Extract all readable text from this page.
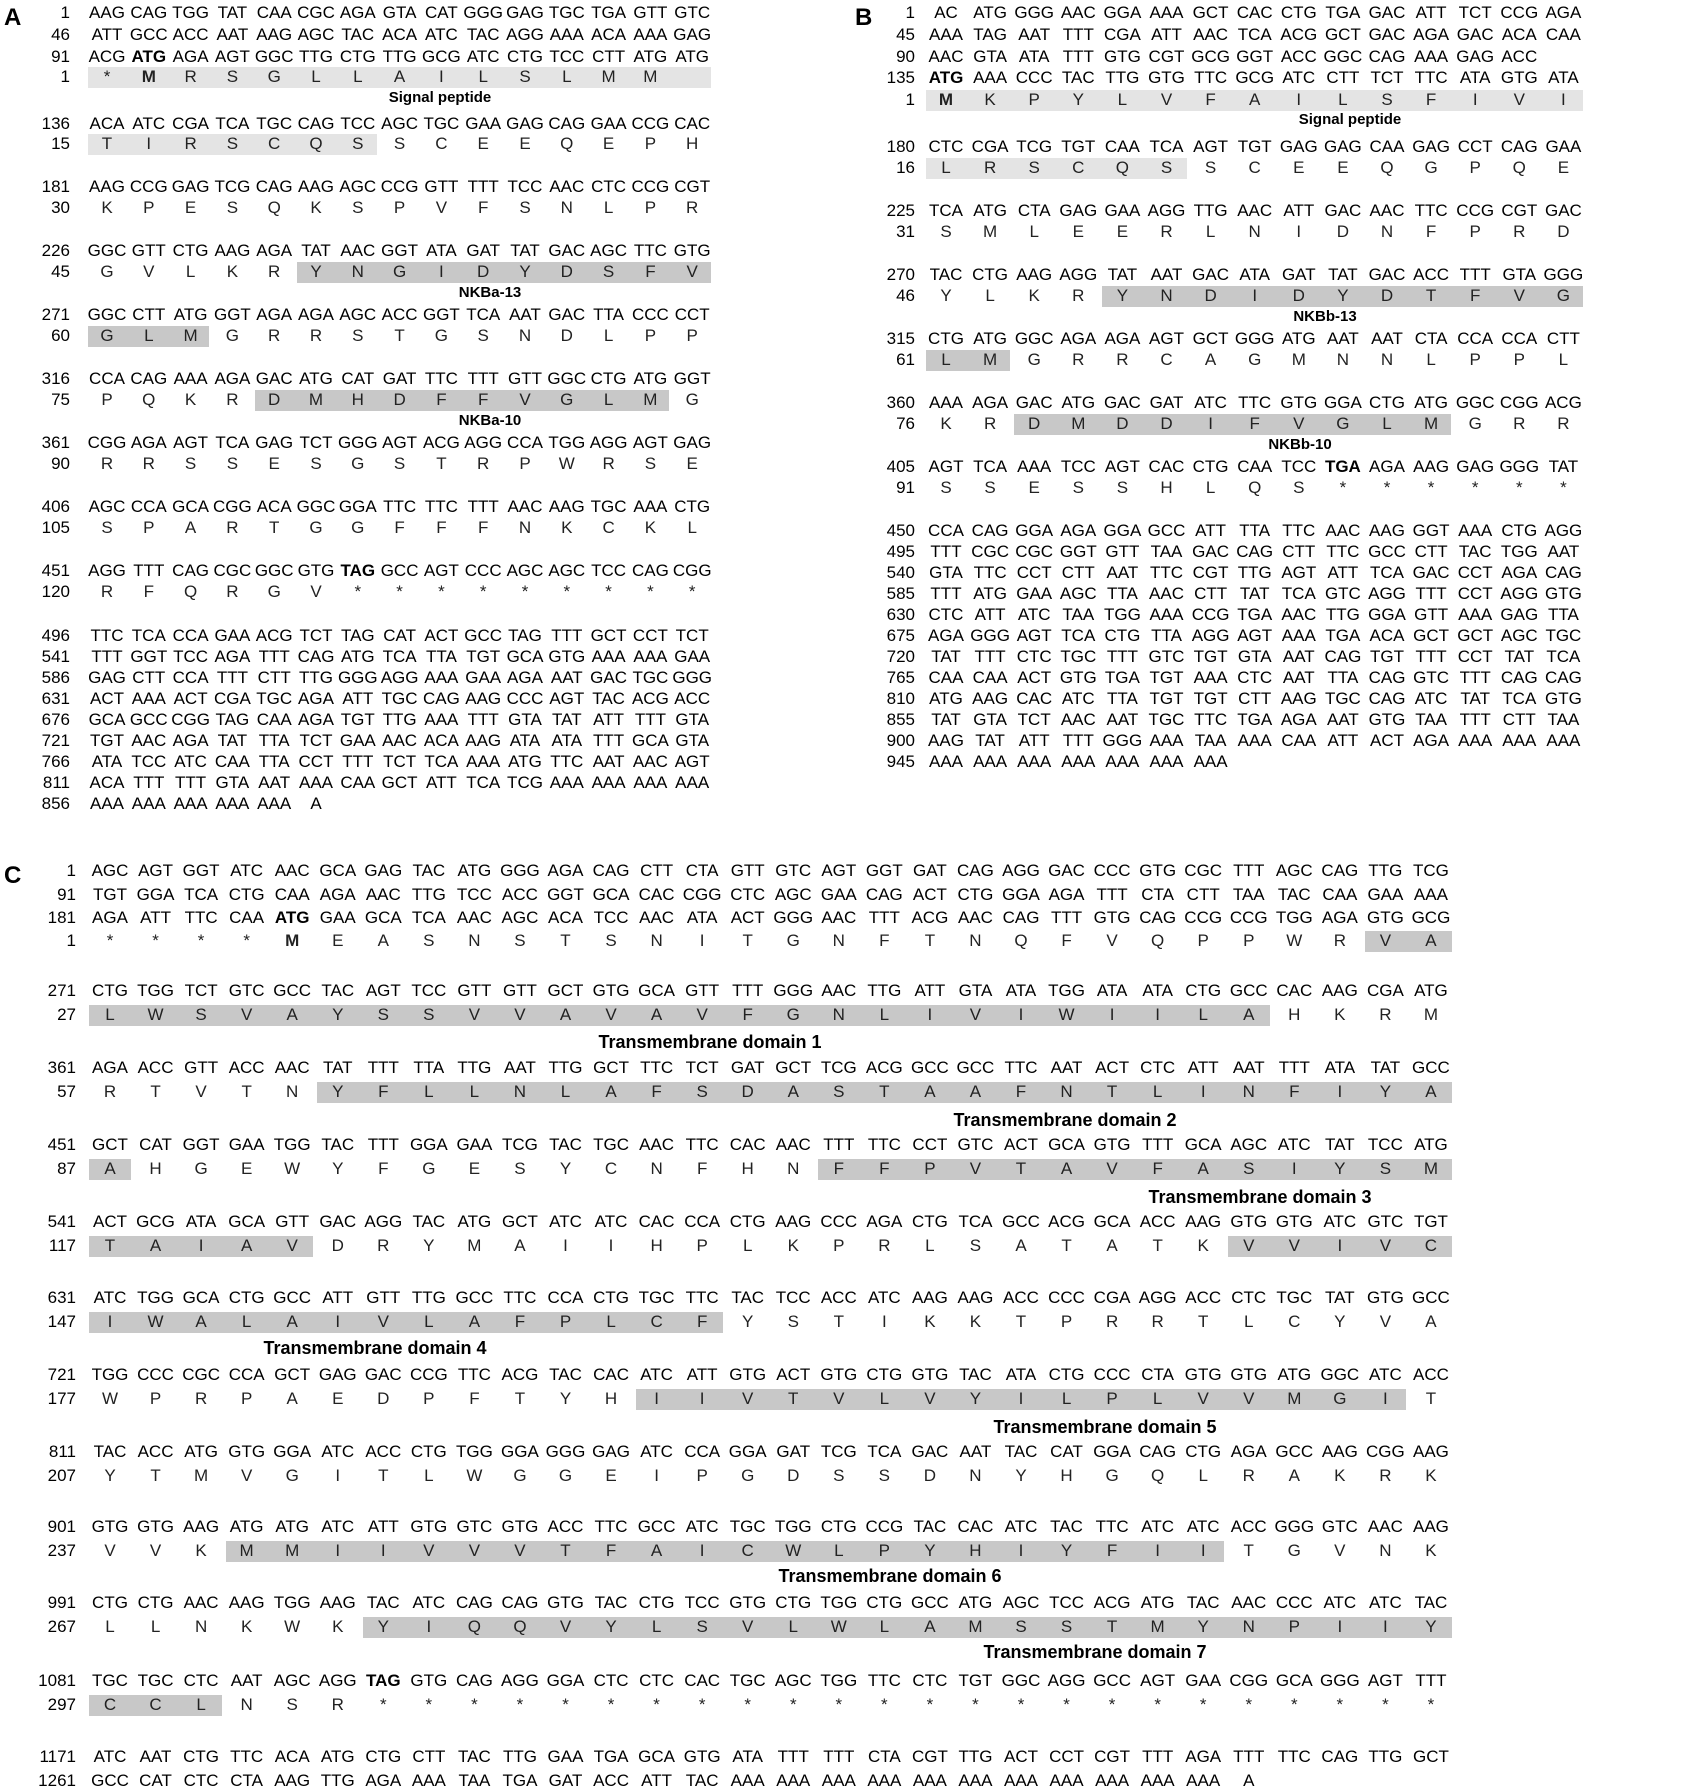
A 1 AAG CAG TGG TAT CAA CGC AGA GTA CAT GGG GAG TGC TGA GTT GTC
46 ATT GCC ACC AAT AAG AGC TAC ACA ATC TAC AGG AAA ACA AAA GAG
91 ACG ATG AGA AGT GGC TTG CTG TTG GCG ATC CTG TCC CTT ATG ATG
1 * M R S G L L A I L S L M M
136 ACA ATC CGA TCA TGC CAG TCC AGC TGC GAA GAG CAG GAA CCG CAC
15 T I R S C Q S S C E E Q E P H
181 AAG CCG GAG TCG CAG AAG AGC CCG GTT TTT TCC AAC CTC CCG CGT
30 K P E S Q K S P V F S N L P R
226 GGC GTT CTG AAG AGA TAT AAC GGT ATA GAT TAT GAC AGC TTC GTG
45 G V L K R Y N G I D Y D S F V
271 GGC CTT ATG GGT AGA AGA AGC ACC GGT TCA AAT GAC TTA CCC CCT
60 G L M G R R S T G S N D L P P
316 CCA CAG AAA AGA GAC ATG CAT GAT TTC TTT GTT GGC CTG ATG GGT
75 P Q K R D M H D F F V G L M G
361 CGG AGA AGT TCA GAG TCT GGG AGT ACG AGG CCA TGG AGG AGT GAG
90 R R S S E S G S T R P W R S E
406 AGC CCA GCA CGG ACA GGC GGA TTC TTC TTT AAC AAG TGC AAA CTG
105 S P A R T G G F F F N K C K L
451 AGG TTT CAG CGC GGC GTG TAG GCC AGT CCC AGC AGC TCC CAG CGG
120 R F Q R G V * * * * * * * * *
496 TTC TCA CCA GAA ACG TCT TAG CAT ACT GCC TAG TTT GCT CCT TCT
541 TTT GGT TCC AGA TTT CAG ATG TCA TTA TGT GCA GTG AAA AAA GAA
586 GAG CTT CCA TTT CTT TTG GGG AGG AAA GAA AGA AAT GAC TGC GGG
631 ACT AAA ACT CGA TGC AGA ATT TGC CAG AAG CCC AGT TAC ACG ACC
676 GCA GCC CGG TAG CAA AGA TGT TTG AAA TTT GTA TAT ATT TTT GTA
721 TGT AAC AGA TAT TTA TCT GAA AAC ACA AAG ATA ATA TTT GCA GTA
766 ATA TCC ATC CAA TTA CCT TTT TCT TCA AAA ATG TTC AAT AAC AGT
811 ACA TTT TTT GTA AAT AAA CAA GCT ATT TCA TCG AAA AAA AAA AAA
856 AAA AAA AAA AAA AAA A
Signal peptide
NKBa-13
NKBa-10
B 1 AC ATG GGG AAC GGA AAA GCT CAC CTG TGA GAC ATT TCT CCG AGA
45 AAA TAG AAT TTT CGA ATT AAC TCA ACG GCT GAC AGA GAC ACA CAA
90 AAC GTA ATA TTT GTG CGT GCG GGT ACC GGC CAG AAA GAG ACC
135 ATG AAA CCC TAC TTG GTG TTC GCG ATC CTT TCT TTC ATA GTG ATA
1 M K P Y L V F A I L S F I V I
180 CTC CGA TCG TGT CAA TCA AGT TGT GAG GAG CAA GAG CCT CAG GAA
16 L R S C Q S S C E E Q G P Q E
225 TCA ATG CTA GAG GAA AGG TTG AAC ATT GAC AAC TTC CCG CGT GAC
31 S M L E E R L N I D N F P R D
270 TAC CTG AAG AGG TAT AAT GAC ATA GAT TAT GAC ACC TTT GTA GGG
46 Y L K R Y N D I D Y D T F V G
315 CTG ATG GGC AGA AGA AGT GCT GGG ATG AAT AAT CTA CCA CCA CTT
61 L M G R R C A G M N N L P P L
360 AAA AGA GAC ATG GAC GAT ATC TTC GTG GGA CTG ATG GGC CGG ACG
76 K R D M D D I F V G L M G R R
405 AGT TCA AAA TCC AGT CAC CTG CAA TCC TGA AGA AAG GAG GGG TAT
91 S S E S S H L Q S * * * * * *
450 CCA CAG GGA AGA GGA GCC ATT TTA TTC AAC AAG GGT AAA CTG AGG
495 TTT CGC CGC GGT GTT TAA GAC CAG CTT TTC GCC CTT TAC TGG AAT
540 GTA TTC CCT CTT AAT TTC CGT TTG AGT ATT TCA GAC CCT AGA CAG
585 TTT ATG GAA AGC TTA AAC CTT TAT TCA GTC AGG TTT CCT AGG GTG
630 CTC ATT ATC TAA TGG AAA CCG TGA AAC TTG GGA GTT AAA GAG TTA
675 AGA GGG AGT TCA CTG TTA AGG AGT AAA TGA ACA GCT GCT AGC TGC
720 TAT TTT CTC TGC TTT GTC TGT GTA AAT CAG TGT TTT CCT TAT TCA
765 CAA CAA ACT GTG TGA TGT AAA CTC AAT TTA CAG GTC TTT CAG CAG
810 ATG AAG CAC ATC TTA TGT TGT CTT AAG TGC CAG ATC TAT TCA GTG
855 TAT GTA TCT AAC AAT TGC TTC TGA AGA AAT GTG TAA TTT CTT TAA
900 AAG TAT ATT TTT GGG AAA TAA AAA CAA ATT ACT AGA AAA AAA AAA
945 AAA AAA AAA AAA AAA AAA AAA
Signal peptide
NKBb-13
NKBb-10
C	1 AGC AGT GGT ATC AAC GCA GAG TAC ATG GGG AGA CAG CTT CTA GTT GTC AGT GGT GAT CAG AGG GAC CCC GTG CGC TTT AGC CAG TTG TCG
91 TGT GGA TCA CTG CAA AGA AAC TTG TCC ACC GGT GCA CAC CGG CTC AGC GAA CAG ACT CTG GGA AGA TTT CTA CTT TAA TAC CAA GAA AAA
181 AGA ATT TTC CAA ATG GAA GCA TCA AAC AGC ACA TCC AAC ATA ACT GGG AAC TTT ACG AAC CAG TTT GTG CAG CCG CCG TGG AGA GTG GCG
1 * * * * M E A S N S T S N I T G N F T N Q F V Q P P W R V A
271 CTG TGG TCT GTC GCC TAC AGT TCC GTT GTT GCT GTG GCA GTT TTT GGG AAC TTG ATT GTA ATA TGG ATA ATA CTG GCC CAC AAG CGA ATG
27 L W S V A Y S S V V A V A V F G N L I V I W I I L A H K R M
361 AGA ACC GTT ACC AAC TAT TTT TTA TTG AAT TTG GCT TTC TCT GAT GCT TCG ACG GCC GCC TTC AAT ACT CTC ATT AAT TTT ATA TAT GCC
57 R T V T N Y F L L N L A F S D A S T A A F N T L I N F I Y A
451 GCT CAT GGT GAA TGG TAC TTT GGA GAA TCG TAC TGC AAC TTC CAC AAC TTT TTC CCT GTC ACT GCA GTG TTT GCA AGC ATC TAT TCC ATG
87 A H G E W Y F G E S Y C N F H N F F P V T A V F A S I Y S M
541 ACT GCG ATA GCA GTT GAC AGG TAC ATG GCT ATC ATC CAC CCA CTG AAG CCC AGA CTG TCA GCC ACG GCA ACC AAG GTG GTG ATC GTC TGT
117 T A I A V D R Y M A I I H P L K P R L S A T A T K V V I V C
631 ATC TGG GCA CTG GCC ATT GTT TTG GCC TTC CCA CTG TGC TTC TAC TCC ACC ATC AAG AAG ACC CCC CGA AGG ACC CTC TGC TAT GTG GCC
147 I W A L A I V L A F P L C F Y S T I K K T P R R T L C Y V A
721 TGG CCC CGC CCA GCT GAG GAC CCG TTC ACG TAC CAC ATC ATT GTG ACT GTG CTG GTG TAC ATA CTG CCC CTA GTG GTG ATG GGC ATC ACC
177 W P R P A E D P F T Y H I I V T V L V Y I L P L V V M G I T
811 TAC ACC ATG GTG GGA ATC ACC CTG TGG GGA GGG GAG ATC CCA GGA GAT TCG TCA GAC AAT TAC CAT GGA CAG CTG AGA GCC AAG CGG AAG
207 Y T M V G I T L W G G E I P G D S S D N Y H G Q L R A K R K
901 GTG GTG AAG ATG ATG ATC ATT GTG GTC GTG ACC TTC GCC ATC TGC TGG CTG CCG TAC CAC ATC TAC TTC ATC ATC ACC GGG GTC AAC AAG
237 V V K M M I I V V V T F A I C W L P Y H I Y F I I T G V N K
991 CTG CTG AAC AAG TGG AAG TAC ATC CAG CAG GTG TAC CTG TCC GTG CTG TGG CTG GCC ATG AGC TCC ACG ATG TAC AAC CCC ATC ATC TAC
267 L L N K W K Y I Q Q V Y L S V L W L A M S S T M Y N P I I Y
1081 TGC TGC CTC AAT AGC AGG TAG GTG CAG AGG GGA CTC CTC CAC TGC AGC TGG TTC CTC TGT GGC AGG GCC AGT GAA CGG GCA GGG AGT TTT
297 C C L N S R * * * * * * * * * * * * * * * * * * * * * * * *
1171 ATC AAT CTG TTC ACA ATG CTG CTT TAC TTG GAA TGA GCA GTG ATA TTT TTT CTA CGT TTG ACT CCT CGT TTT AGA TTT TTC CAG TTG GCT
1261 GCC CAT CTC CTA AAG TTG AGA AAA TAA TGA GAT ACC ATT TAC AAA AAA AAA AAA AAA AAA AAA AAA AAA AAA AAA A
Transmembrane domain 1
Transmembrane domain 2
Transmembrane domain 3
Transmembrane domain 4
Transmembrane domain 5
Transmembrane domain 6
Transmembrane domain 7
